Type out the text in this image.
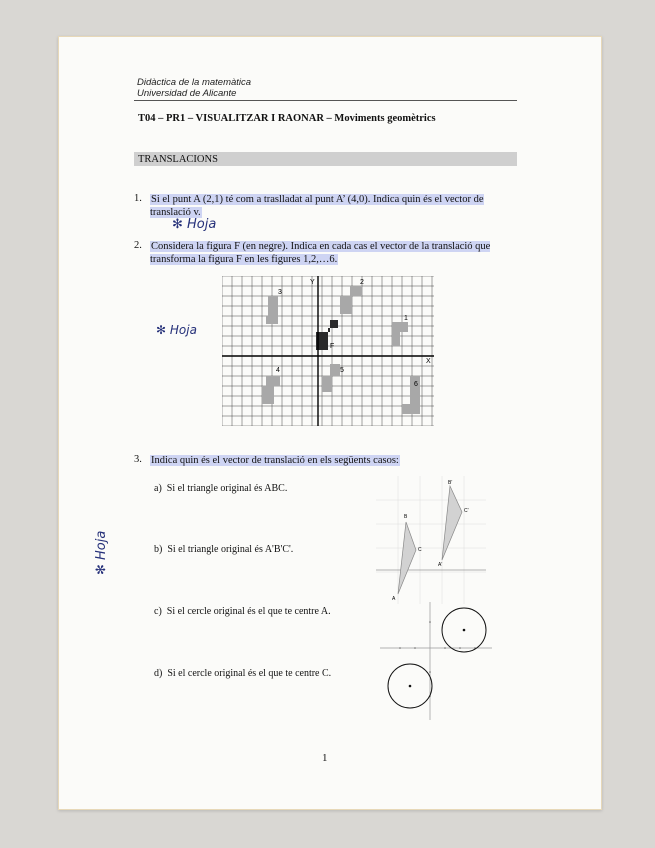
Didàctica de la matemàtica
Universidad de Alicante
T04 – PR1 – VISUALITZAR I RAONAR – Moviments geomètrics
TRANSLACIONS
1. Si el punt A (2,1) té com a traslladat al punt A’ (4,0). Indica quin és el vector de translació v.
✻ Hoja
2. Considera la figura F (en negre). Indica en cada cas el vector de la translació que transforma la figura F en les figures 1,2,…6.
✻ Hoja
Y
X
F
1
2
3
4	5
6
3. Indica quin és el vector de translació en els següents casos:
✻ Hoja
a) Si el triangle original és ABC.
b) Si el triangle original és A'B'C'.
c) Si el cercle original és el que te centre A.
d) Si el cercle original és el que te centre C.
A
B
C
A'
B'
C'
1
